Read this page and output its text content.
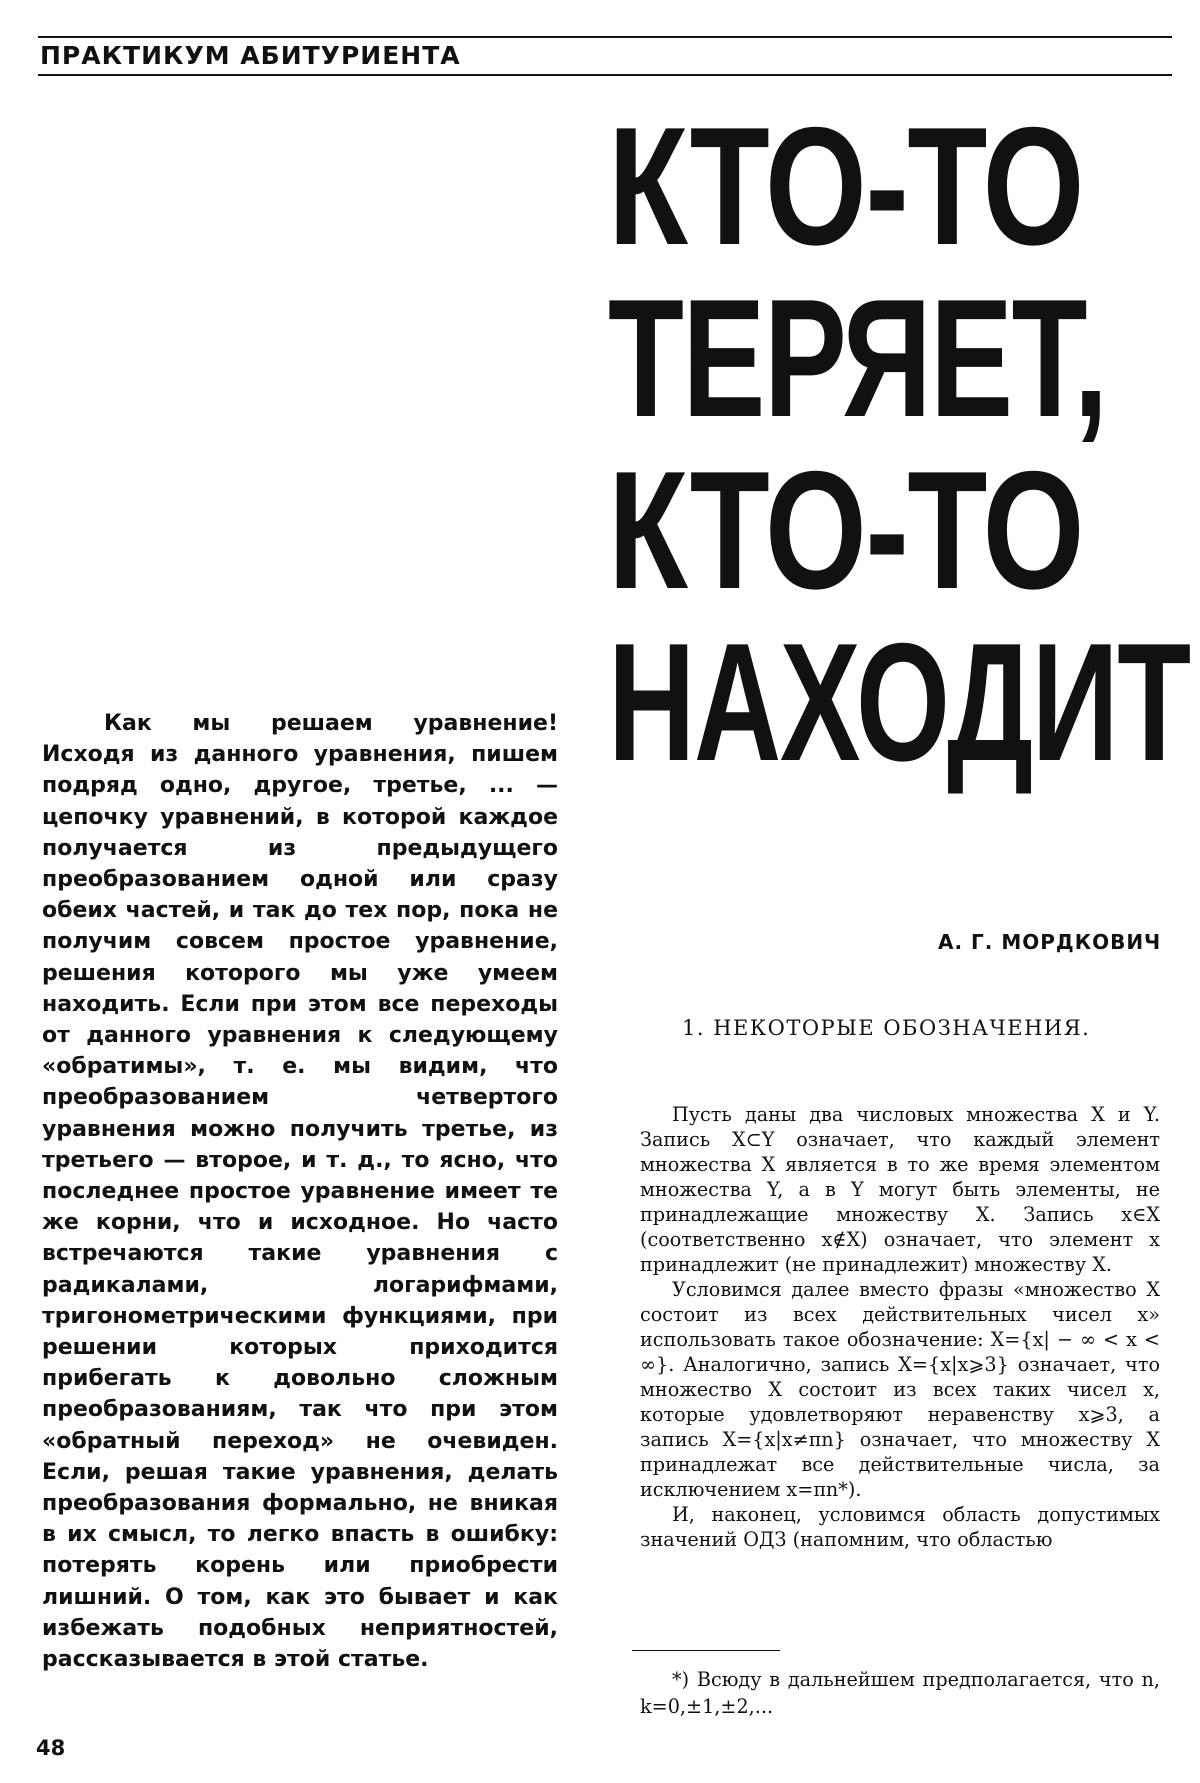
ПРАКТИКУМ АБИТУРИЕНТА
КТО-ТО
ТЕРЯЕТ,
КТО-ТО
НАХОДИТ

А. Г. МОРДКОВИЧ

Как мы решаем уравнение! Исходя из данного уравнения, пишем подряд одно, другое, третье, ... — цепочку уравнений, в которой каждое получается из предыдущего преобразованием одной или сразу обеих частей, и так до тех пор, пока не получим совсем простое уравнение, решения которого мы уже умеем находить. Если при этом все переходы от данного уравнения к следующему «обратимы», т. е. мы видим, что преобразованием четвертого уравнения можно получить третье, из третьего — второе, и т. д., то ясно, что последнее простое уравнение имеет те же корни, что и исходное. Но часто встречаются такие уравнения с радикалами, логарифмами, тригонометрическими функциями, при решении которых приходится прибегать к довольно сложным преобразованиям, так что при этом «обратный переход» не очевиден. Если, решая такие уравнения, делать преобразования формально, не вникая в их смысл, то легко впасть в ошибку: потерять корень или приобрести лишний. О том, как это бывает и как избежать подобных неприятностей, рассказывается в этой статье.

1. НЕКОТОРЫЕ ОБОЗНАЧЕНИЯ.

Пусть даны два числовых множества X и Y. Запись X⊂Y означает, что каждый элемент множества X является в то же время элементом множества Y, а в Y могут быть элементы, не принадлежащие множеству X. Запись x∈X (соответственно x∉X) означает, что элемент x принадлежит (не принадлежит) множеству X.

Условимся далее вместо фразы «множество X состоит из всех действительных чисел x» использовать такое обозначение: X={x| − ∞ < x < ∞}. Аналогично, запись X={x|x⩾3} означает, что множество X состоит из всех таких чисел x, которые удовлетворяют неравенству x⩾3, а запись X={x|x≠πn} означает, что множеству X принадлежат все действительные числа, за исключением x=πn*).

И, наконец, условимся область допустимых значений ОДЗ (напомним, что областью

*) Всюду в дальнейшем предполагается, что n, k=0,±1,±2,...

48
